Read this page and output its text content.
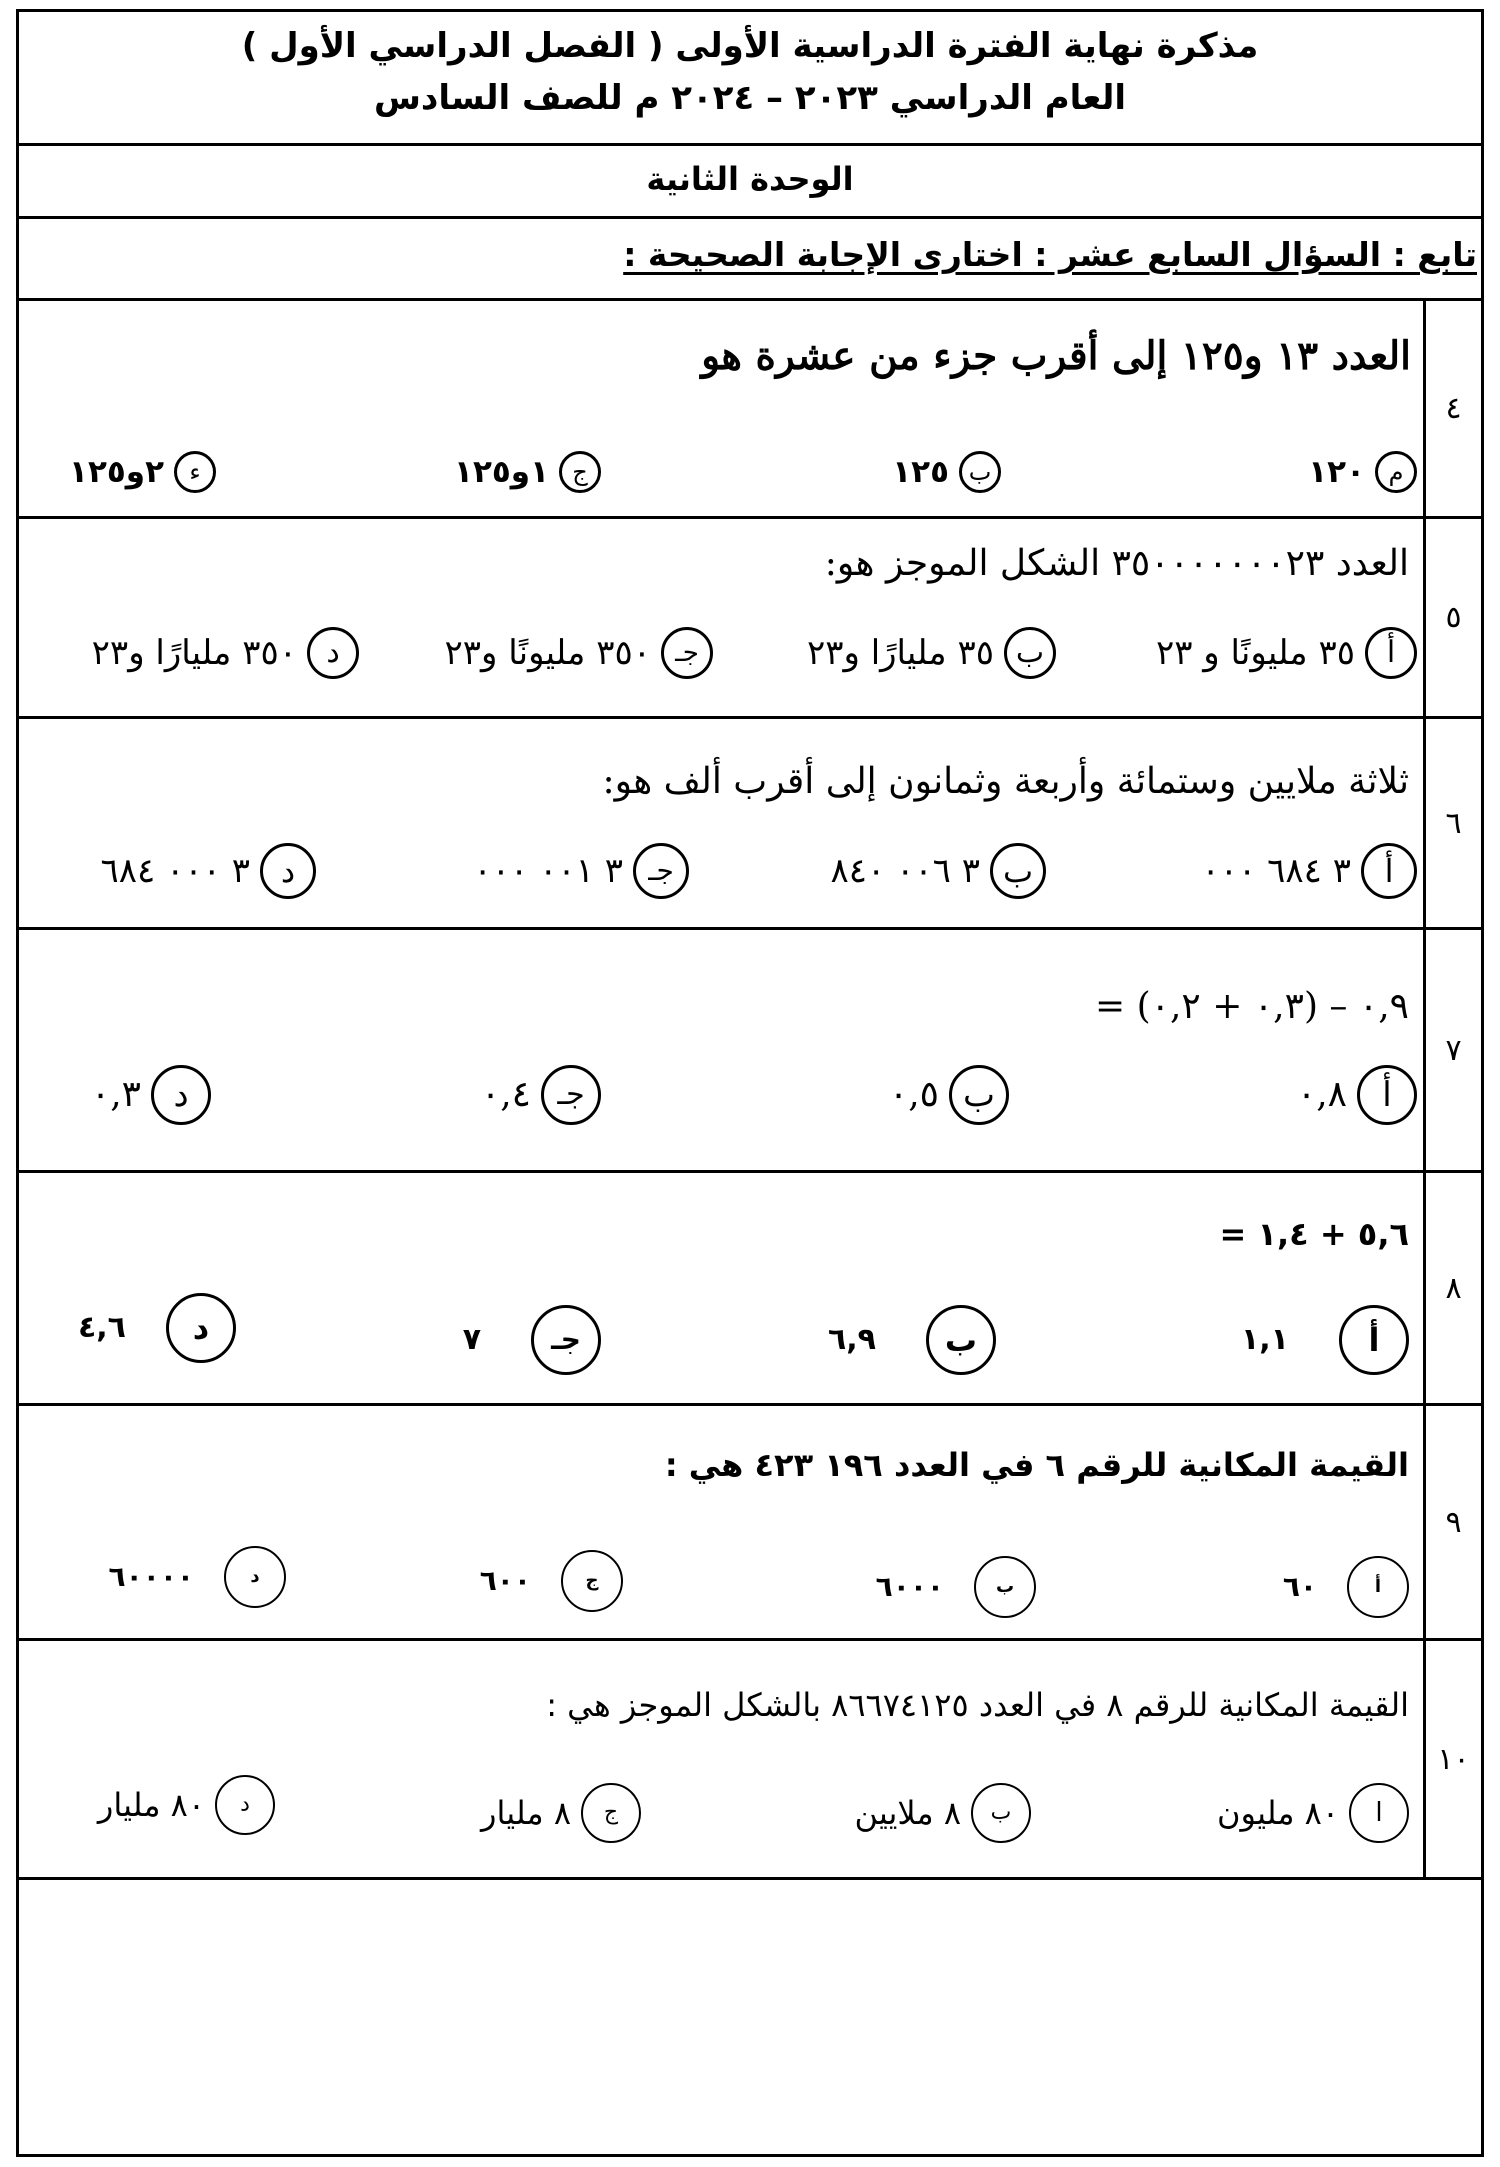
مذكرة نهاية الفترة الدراسية الأولى ( الفصل الدراسي الأول )
العام الدراسي ٢٠٢٣ – ٢٠٢٤ م للصف السادس
الوحدة الثانية
تابع : السؤال السابع عشر : اختارى الإجابة الصحيحة :
٤
العدد ١٣ و١٢٥ إلى أقرب جزء من عشرة هو
ﻡ
١٢٠
ب
١٢٥
ج
١و١٢٥
ء
٢و١٢٥
٥
العدد ٣٥٠٠٠٠٠٠٠٢٣ الشكل الموجز هو:
أ
٣٥ مليونًا و ٢٣
ب
٣٥ مليارًا و٢٣
جـ
٣٥٠ مليونًا و٢٣
د
٣٥٠ مليارًا و٢٣
٦
ثلاثة ملايين وستمائة وأربعة وثمانون إلى أقرب ألف هو:
أ
٣ ٦٨٤ ٠٠٠
ب
٣ ٠٠٦ ٨٤٠
جـ
٣ ٠٠١ ٠٠٠
د
٣ ٠٠٠ ٦٨٤
٧
٠,٩ – (٠,٣ + ٠,٢) =
أ
٠,٨
ب
٠,٥
جـ
٠,٤
د
٠,٣
٨
٥,٦ + ١,٤ =
أ
١,١
ب
٦,٩
جـ
٧
د
٤,٦
٩
القيمة المكانية للرقم ٦ في العدد ١٩٦ ٤٢٣ هي :
أ
٦٠
ب
٦٠٠٠
ج
٦٠٠
د
٦٠٠٠٠
١٠
القيمة المكانية للرقم ٨ في العدد ٨٦٦٧٤١٢٥ بالشكل الموجز هي :
ا
٨٠ مليون
ب
٨ ملايين
ج
٨ مليار
د
٨٠ مليار
